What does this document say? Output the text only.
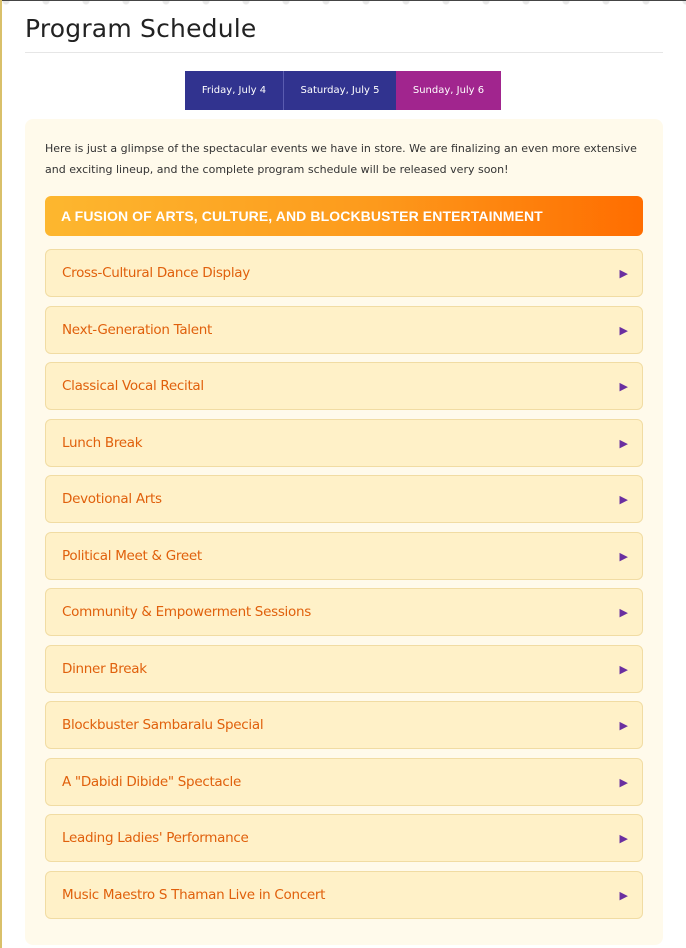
Program Schedule
Friday, July 4	Saturday, July 5	Sunday, July 6

Here is just a glimpse of the spectacular events we have in store. We are finalizing an even more extensive and exciting lineup, and the complete program schedule will be released very soon!

A FUSION OF ARTS, CULTURE, AND BLOCKBUSTER ENTERTAINMENT
Cross-Cultural Dance Display	▶
Next-Generation Talent	▶
Classical Vocal Recital	▶
Lunch Break	▶
Devotional Arts	▶
Political Meet & Greet	▶
Community & Empowerment Sessions	▶
Dinner Break	▶
Blockbuster Sambaralu Special	▶
A "Dabidi Dibide" Spectacle	▶
Leading Ladies' Performance	▶
Music Maestro S Thaman Live in Concert	▶
